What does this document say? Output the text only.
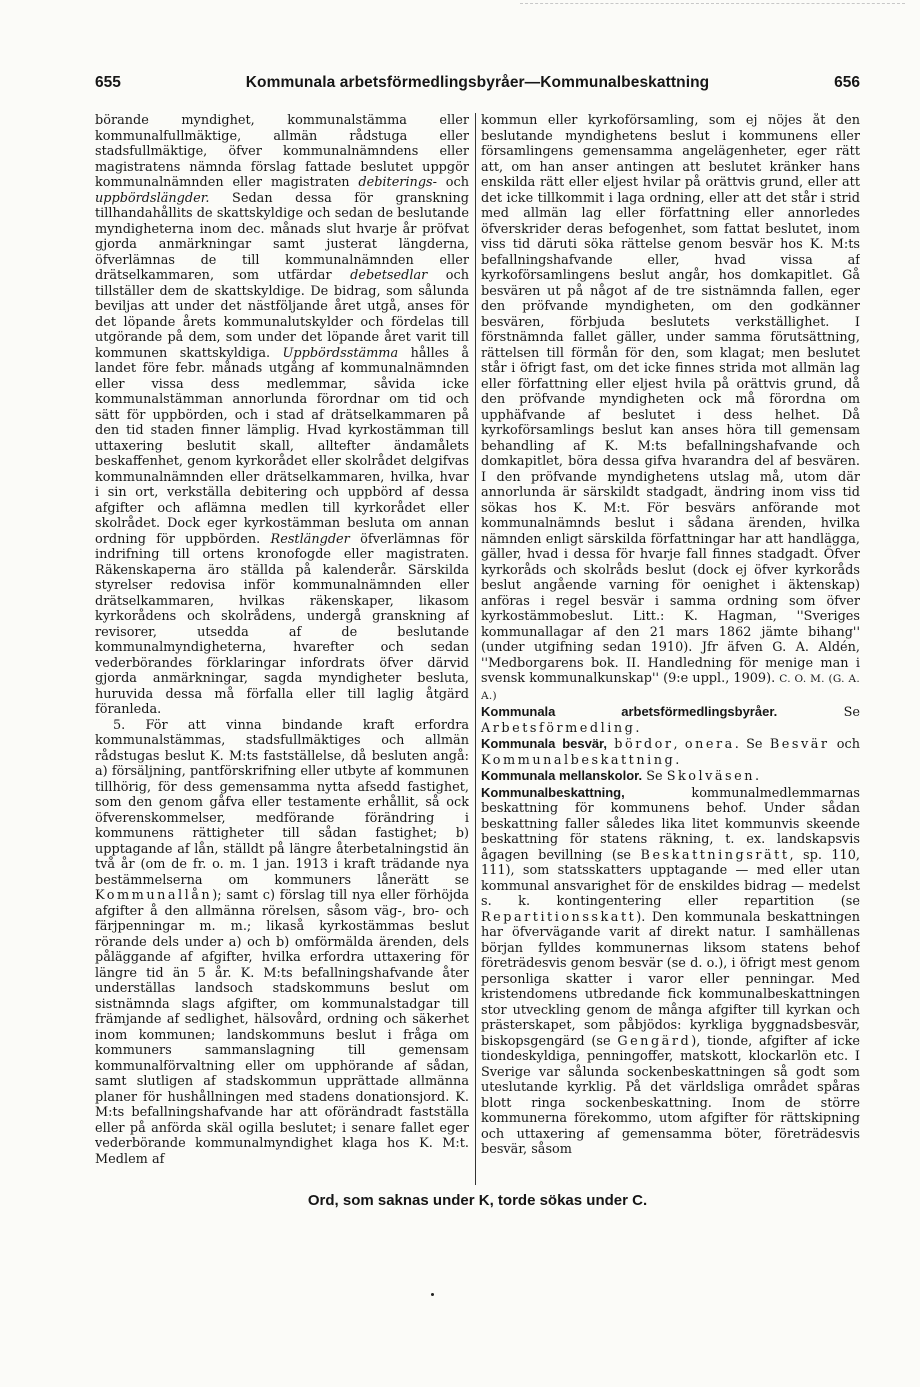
655	Kommunala arbetsförmedlingsbyråer—Kommunalbeskattning	656

börande myndighet, kommunalstämma eller kommunalfullmäktige, allmän rådstuga eller stadsfullmäktige, öfver kommunalnämndens eller magistratens nämnda förslag fattade beslutet uppgör kommunalnämnden eller magistraten debiterings- och uppbördslängder. Sedan dessa för granskning tillhandahållits de skattskyldige och sedan de beslutande myndigheterna inom dec. månads slut hvarje år pröfvat gjorda anmärkningar samt justerat längderna, öfverlämnas de till kommunalnämnden eller drätselkammaren, som utfärdar debetsedlar och tillställer dem de skattskyldige. De bidrag, som sålunda beviljas att under det nästföljande året utgå, anses för det löpande årets kommunalutskylder och fördelas till utgörande på dem, som under det löpande året varit till kommunen skattskyldiga. Uppbördsstämma hålles å landet före febr. månads utgång af kommunalnämnden eller vissa dess medlemmar, såvida icke kommunalstämman annorlunda förordnar om tid och sätt för uppbörden, och i stad af drätselkammaren på den tid staden finner lämplig. Hvad kyrkostämman till uttaxering beslutit skall, alltefter ändamålets beskaffenhet, genom kyrkorådet eller skolrådet delgifvas kommunalnämnden eller drätselkammaren, hvilka, hvar i sin ort, verkställa debitering och uppbörd af dessa afgifter och aflämna medlen till kyrkorådet eller skolrådet. Dock eger kyrkostämman besluta om annan ordning för uppbörden. Restlängder öfverlämnas för indrifning till ortens kronofogde eller magistraten. Räkenskaperna äro ställda på kalenderår. Särskilda styrelser redovisa inför kommunalnämnden eller drätselkammaren, hvilkas räkenskaper, likasom kyrkorådens och skolrådens, undergå granskning af revisorer, utsedda af de beslutande kommunalmyndigheterna, hvarefter och sedan vederbörandes förklaringar infordrats öfver därvid gjorda anmärkningar, sagda myndigheter besluta, huruvida dessa må förfalla eller till laglig åtgärd föranleda.

5. För att vinna bindande kraft erfordra kommunalstämmas, stadsfullmäktiges och allmän rådstugas beslut K. M:ts fastställelse, då besluten angå: a) försäljning, pantförskrifning eller utbyte af kommunen tillhörig, för dess gemensamma nytta afsedd fastighet, som den genom gåfva eller testamente erhållit, så ock öfverenskommelser, medförande förändring i kommunens rättigheter till sådan fastighet; b) upptagande af lån, ställdt på längre återbetalningstid än två år (om de fr. o. m. 1 jan. 1913 i kraft trädande nya bestämmelserna om kommuners lånerätt se Kommunallån); samt c) förslag till nya eller förhöjda afgifter å den allmänna rörelsen, såsom väg-, bro- och färjpenningar m. m.; likaså kyrkostämmas beslut rörande dels under a) och b) omförmälda ärenden, dels påläggande af afgifter, hvilka erfordra uttaxering för längre tid än 5 år. K. M:ts befallningshafvande åter underställas landsoch stadskommuns beslut om sistnämnda slags afgifter, om kommunalstadgar till främjande af sedlighet, hälsovård, ordning och säkerhet inom kommunen; landskommuns beslut i fråga om kommuners sammanslagning till gemensam kommunalförvaltning eller om upphörande af sådan, samt slutligen af stadskommun upprättade allmänna planer för hushållningen med stadens donationsjord. K. M:ts befallningshafvande har att oförändradt fastställa eller på anförda skäl ogilla beslutet; i senare fallet eger vederbörande kommunalmyndighet klaga hos K. M:t. Medlem af

kommun eller kyrkoförsamling, som ej nöjes åt den beslutande myndighetens beslut i kommunens eller församlingens gemensamma angelägenheter, eger rätt att, om han anser antingen att beslutet kränker hans enskilda rätt eller eljest hvilar på orättvis grund, eller att det icke tillkommit i laga ordning, eller att det står i strid med allmän lag eller författning eller annorledes öfverskrider deras befogenhet, som fattat beslutet, inom viss tid däruti söka rättelse genom besvär hos K. M:ts befallningshafvande eller, hvad vissa af kyrkoförsamlingens beslut angår, hos domkapitlet. Gå besvären ut på något af de tre sistnämnda fallen, eger den pröfvande myndigheten, om den godkänner besvären, förbjuda beslutets verkställighet. I förstnämnda fallet gäller, under samma förutsättning, rättelsen till förmån för den, som klagat; men beslutet står i öfrigt fast, om det icke finnes strida mot allmän lag eller författning eller eljest hvila på orättvis grund, då den pröfvande myndigheten ock må förordna om upphäfvande af beslutet i dess helhet. Då kyrkoförsamlings beslut kan anses höra till gemensam behandling af K. M:ts befallningshafvande och domkapitlet, böra dessa gifva hvarandra del af besvären. I den pröfvande myndighetens utslag må, utom där annorlunda är särskildt stadgadt, ändring inom viss tid sökas hos K. M:t. För besvärs anförande mot kommunalnämnds beslut i sådana ärenden, hvilka nämnden enligt särskilda författningar har att handlägga, gäller, hvad i dessa för hvarje fall finnes stadgadt. Öfver kyrkoråds och skolråds beslut (dock ej öfver kyrkoråds beslut angående varning för oenighet i äktenskap) anföras i regel besvär i samma ordning som öfver kyrkostämmobeslut. Litt.: K. Hagman, ''Sveriges kommunallagar af den 21 mars 1862 jämte bihang'' (under utgifning sedan 1910). Jfr äfven G. A. Aldén, ''Medborgarens bok. II. Handledning för menige man i svensk kommunalkunskap'' (9:e uppl., 1909). C. O. M. (G. A. A.)

Kommunala arbetsförmedlingsbyråer.	Se Arbetsförmedling.

Kommunala besvär, bördor, onera. Se Besvär och Kommunalbeskattning.

Kommunala mellanskolor. Se Skolväsen.

Kommunalbeskattning,	kommunalmedlemmarnas beskattning för kommunens behof. Under sådan beskattning faller således lika litet kommunvis skeende beskattning för statens räkning, t. ex. landskapsvis ågagen bevillning (se Beskattningsrätt, sp. 110, 111), som statsskatters upptagande — med eller utan kommunal ansvarighet för de enskildes bidrag — medelst s. k. kontingentering eller repartition (se Repartitionsskatt). Den kommunala beskattningen har öfvervägande varit af direkt natur. I samhällenas början fylldes kommunernas liksom statens behof företrädesvis genom besvär (se d. o.), i öfrigt mest genom personliga skatter i varor eller penningar. Med kristendomens utbredande fick kommunalbeskattningen stor utveckling genom de många afgifter till kyrkan och prästerskapet, som påbjödos: kyrkliga byggnadsbesvär, biskopsgengärd (se Gengärd), tionde, afgifter af icke tiondeskyldiga, penningoffer, matskott, klockarlön etc. I Sverige var sålunda sockenbeskattningen så godt som uteslutande kyrklig. På det världsliga området spåras blott ringa sockenbeskattning. Inom de större kommunerna förekommo, utom afgifter för rättskipning och uttaxering af gemensamma böter, företrädesvis besvär, såsom

Ord, som saknas under K, torde sökas under C.
